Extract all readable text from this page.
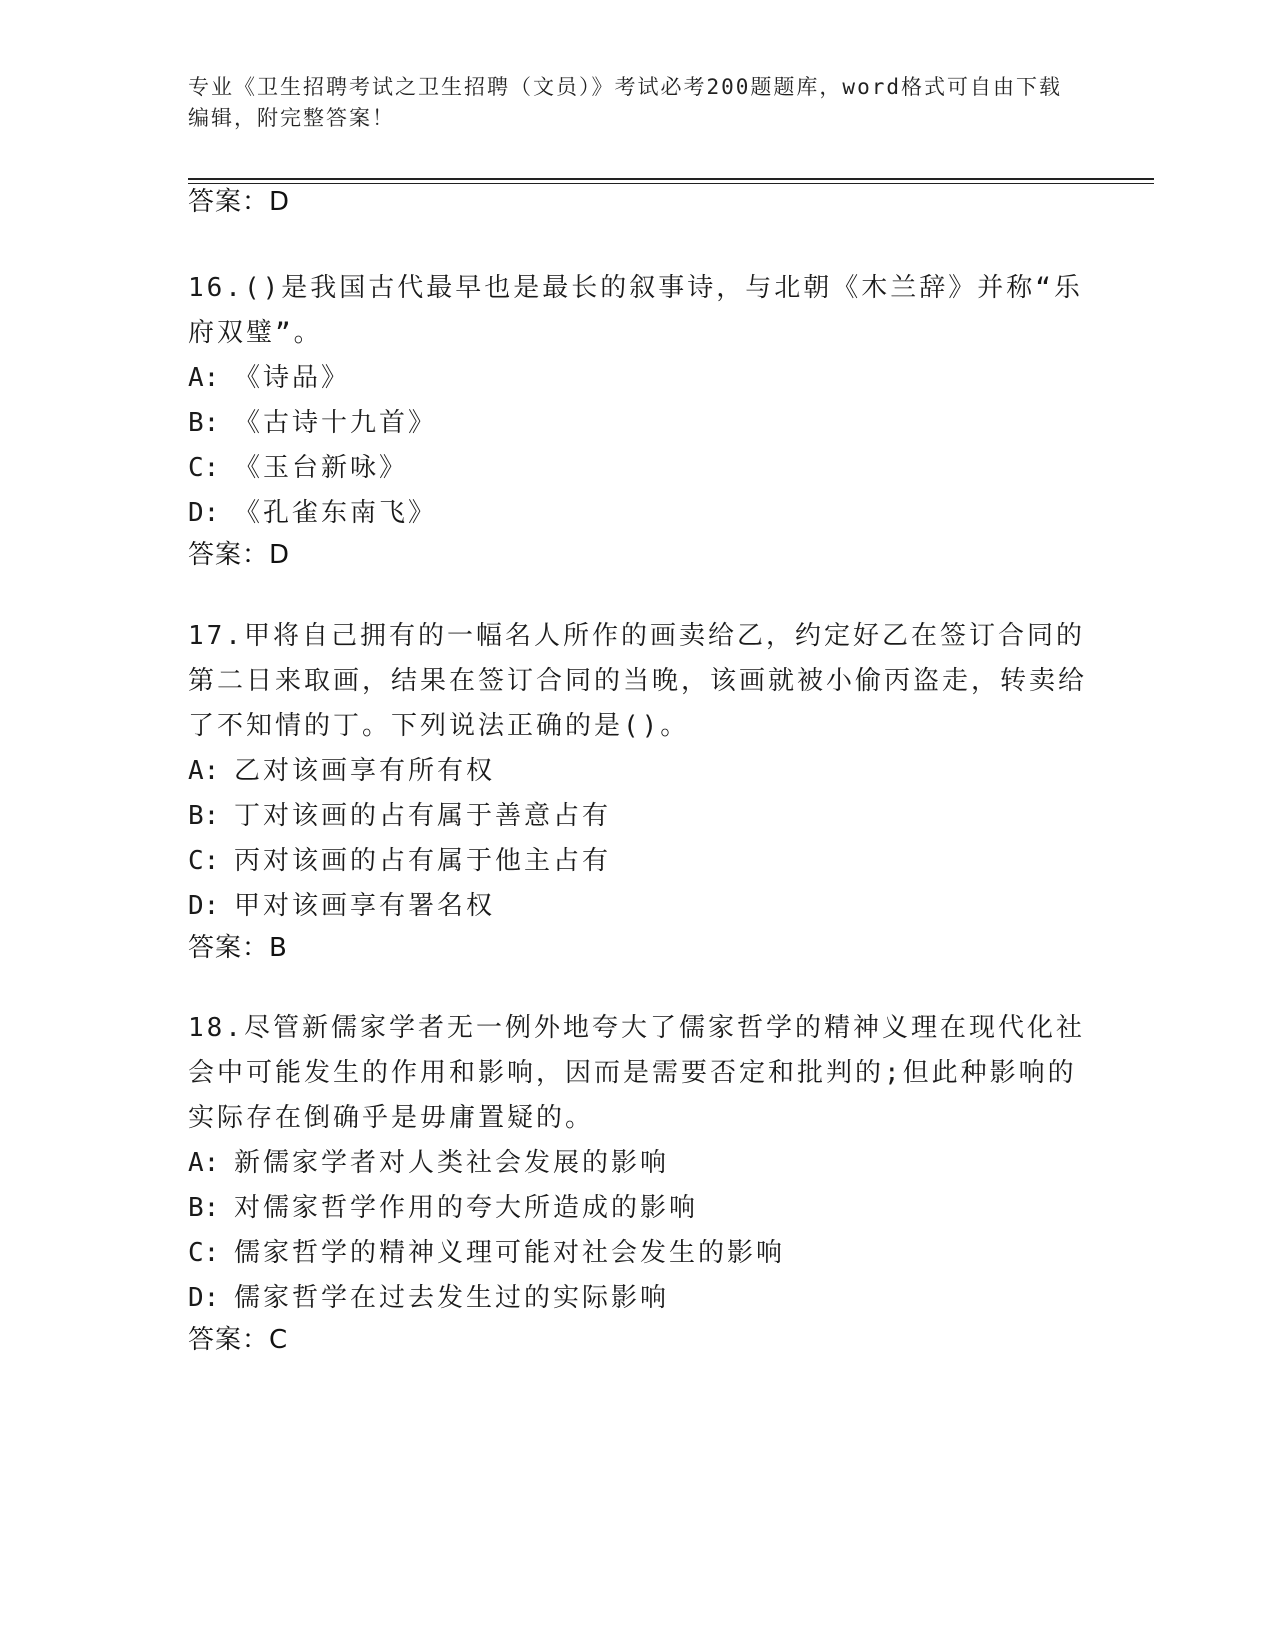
专业《卫生招聘考试之卫生招聘（文员）》考试必考200题题库，word格式可自由下载编辑，附完整答案！
答案：D
16.()是我国古代最早也是最长的叙事诗，与北朝《木兰辞》并称“乐府双璧”。
A: 《诗品》
B: 《古诗十九首》
C: 《玉台新咏》
D: 《孔雀东南飞》
答案：D
17.甲将自己拥有的一幅名人所作的画卖给乙，约定好乙在签订合同的第二日来取画，结果在签订合同的当晚，该画就被小偷丙盗走，转卖给了不知情的丁。下列说法正确的是()。
A: 乙对该画享有所有权
B: 丁对该画的占有属于善意占有
C: 丙对该画的占有属于他主占有
D: 甲对该画享有署名权
答案：B
18.尽管新儒家学者无一例外地夸大了儒家哲学的精神义理在现代化社会中可能发生的作用和影响，因而是需要否定和批判的;但此种影响的实际存在倒确乎是毋庸置疑的。
A: 新儒家学者对人类社会发展的影响
B: 对儒家哲学作用的夸大所造成的影响
C: 儒家哲学的精神义理可能对社会发生的影响
D: 儒家哲学在过去发生过的实际影响
答案：C
